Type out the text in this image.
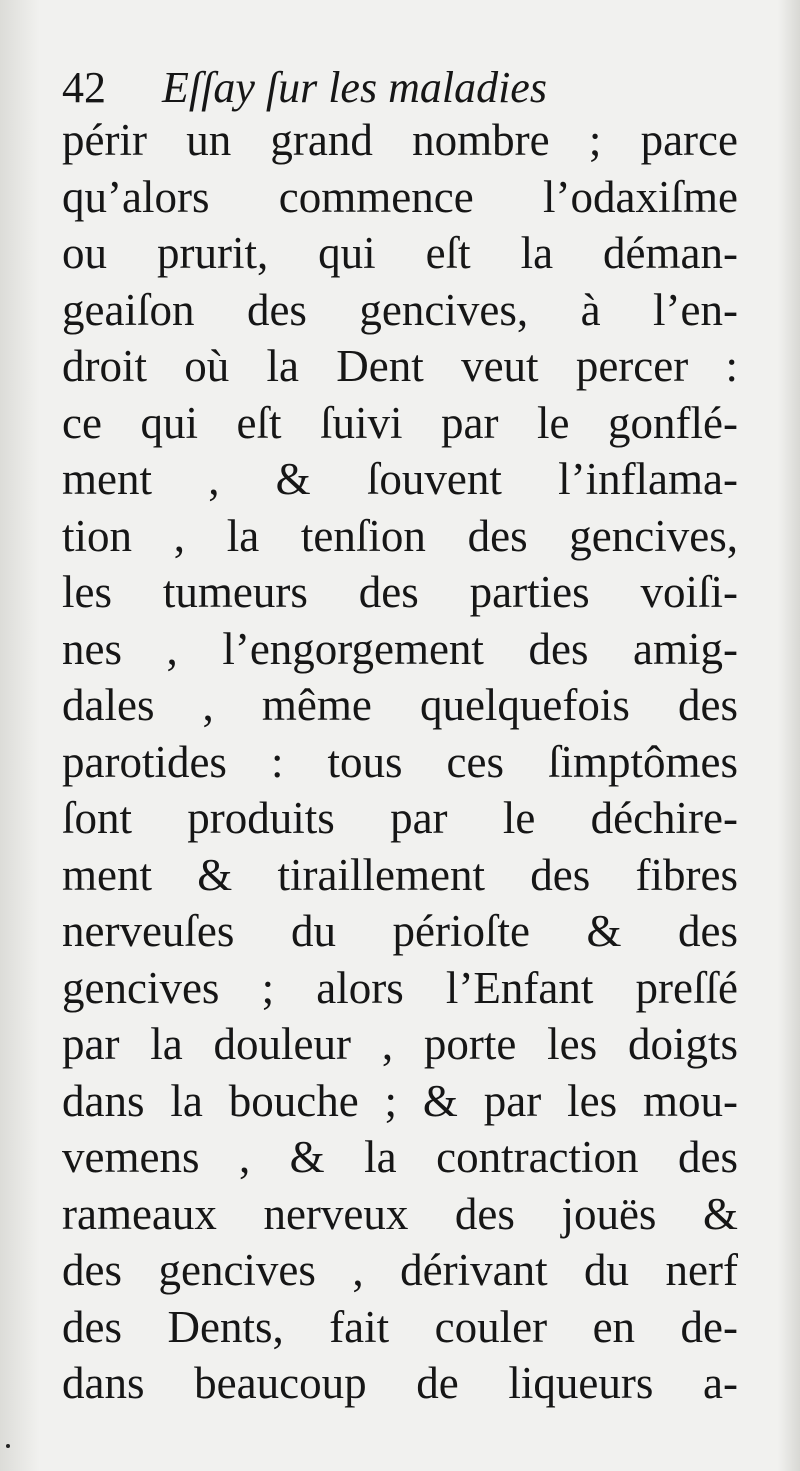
42 Eſſay ſur les maladies
périr un grand nombre ; parce
qu’alors commence l’odaxiſme
ou prurit, qui eſt la déman-
geaiſon des gencives, à l’en-
droit où la Dent veut percer :
ce qui eſt ſuivi par le gonflé-
ment , & ſouvent l’inflama-
tion , la tenſion des gencives,
les tumeurs des parties voiſi-
nes , l’engorgement des amig-
dales , même quelquefois des
parotides : tous ces ſimptômes
ſont produits par le déchire-
ment & tiraillement des fibres
nerveuſes du périoſte & des
gencives ; alors l’Enfant preſſé
par la douleur , porte les doigts
dans la bouche ; & par les mou-
vemens , & la contraction des
rameaux nerveux des jouës &
des gencives , dérivant du nerf
des Dents, fait couler en de-
dans beaucoup de liqueurs a-
